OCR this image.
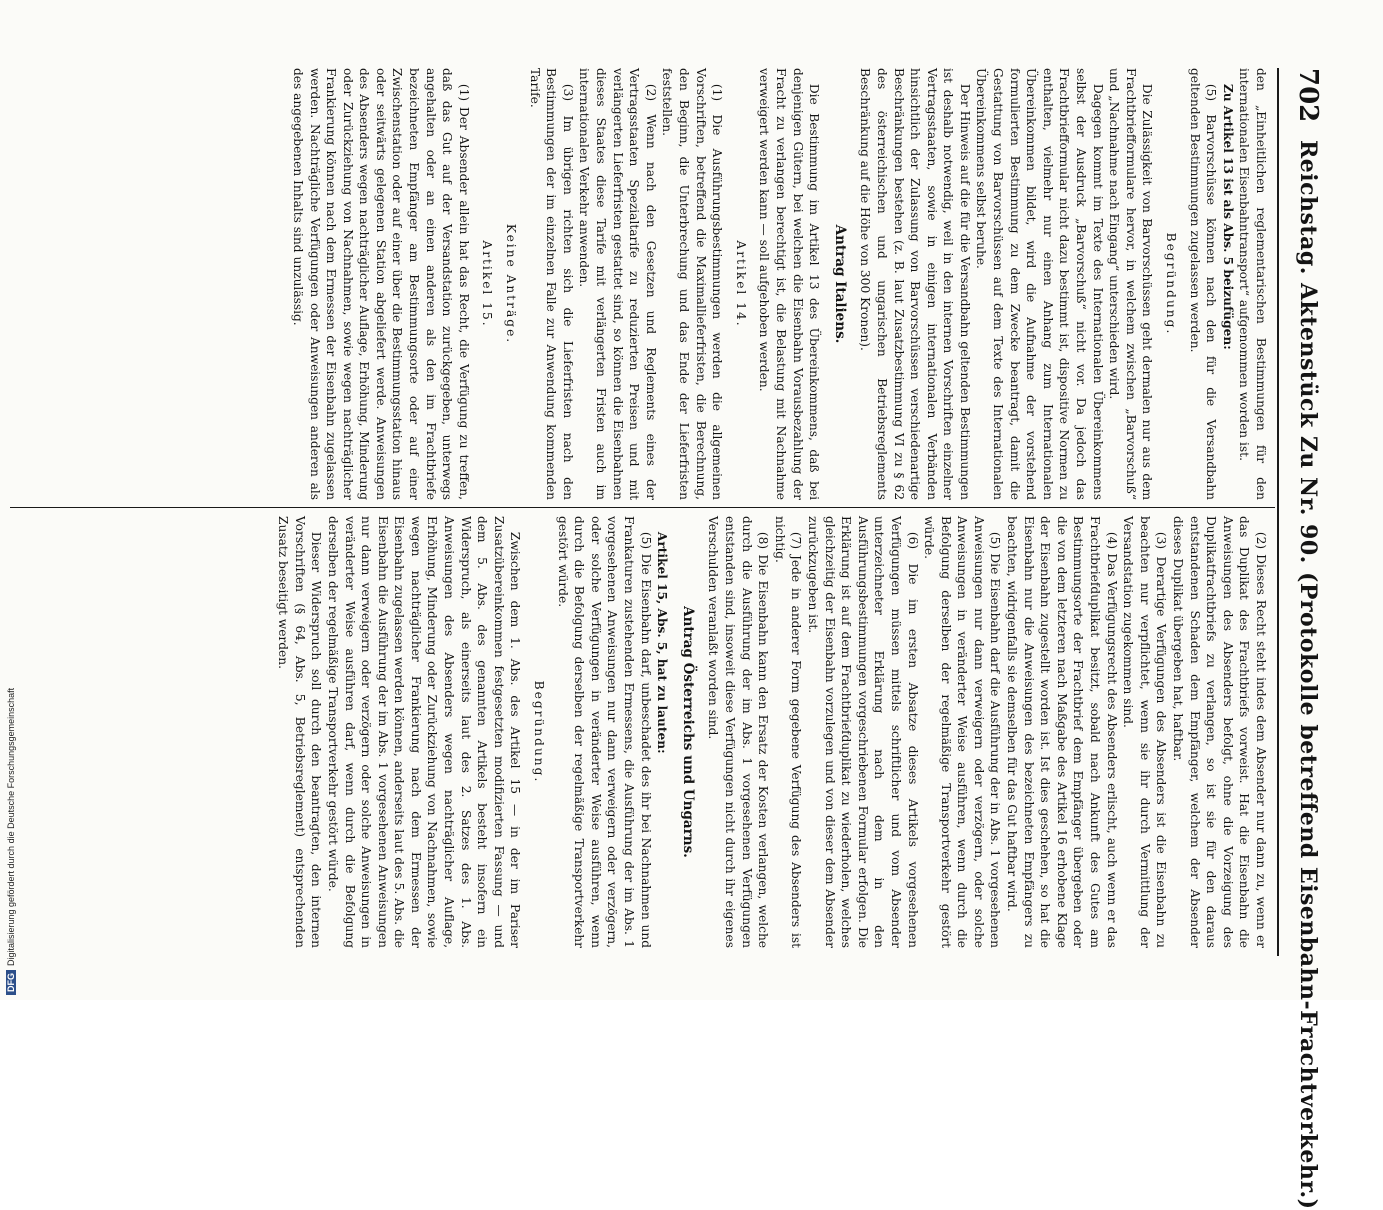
702
Reichstag. Aktenstück Zu Nr. 90. (Protokolle betreffend Eisenbahn-Frachtverkehr.)

den „Einheitlichen reglementarischen Bestimmungen für den internationalen Eisenbahntransport“ aufgenommen worden ist.

Zu Artikel 13 ist als Abs. 5 beizufügen:

(5) Barvorschüsse können nach den für die Versandbahn geltenden Bestimmungen zugelassen werden.

Begründung.

Die Zulässigkeit von Barvorschüssen geht dermalen nur aus dem Frachtbriefformulare hervor, in welchem zwischen „Barvorschuß“ und „Nachnahme nach Eingang“ unterschieden wird.

Dagegen kommt im Texte des Internationalen Übereinkommens selbst der Ausdruck „Barvorschuß“ nicht vor. Da jedoch das Frachtbriefformular nicht dazu bestimmt ist, dispositive Normen zu enthalten, vielmehr nur einen Anhang zum Internationalen Übereinkommen bildet, wird die Aufnahme der vorstehend formulierten Bestimmung zu dem Zwecke beantragt, damit die Gestattung von Barvorschüssen auf dem Texte des Internationalen Übereinkommens selbst beruhe.

Der Hinweis auf die für die Versandbahn geltenden Bestimmungen ist deshalb notwendig, weil in den internen Vorschriften einzelner Vertragsstaaten, sowie in einigen internationalen Verbänden hinsichtlich der Zulassung von Barvorschüssen verschiedenartige Beschränkungen bestehen (z. B. laut Zusatzbestimmung VI zu § 62 des österreichischen und ungarischen Betriebsreglements Beschränkung auf die Höhe von 300 Kronen).

Antrag Italiens.

Die Bestimmung im Artikel 13 des Übereinkommens, daß bei denjenigen Gütern, bei welchen die Eisenbahn Vorausbezahlung der Fracht zu verlangen berechtigt ist, die Belastung mit Nachnahme verweigert werden kann — soll aufgehoben werden.

Artikel 14.

(1) Die Ausführungsbestimmungen werden die allgemeinen Vorschriften, betreffend die Maximallieferfristen, die Berechnung, den Beginn, die Unterbrechung und das Ende der Lieferfristen feststellen.

(2) Wenn nach den Gesetzen und Reglements eines der Vertragsstaaten Spezialtarife zu reduzierten Preisen und mit verlängerten Lieferfristen gestattet sind, so können die Eisenbahnen dieses Staates diese Tarife mit verlängerten Fristen auch im internationalen Verkehr anwenden.

(3) Im übrigen richten sich die Lieferfristen nach den Bestimmungen der im einzelnen Falle zur Anwendung kommenden Tarife.

Keine Anträge.

Artikel 15.

(1) Der Absender allein hat das Recht, die Verfügung zu treffen, daß das Gut auf der Versandstation zurückgegeben, unterwegs angehalten oder an einen anderen als den im Frachtbriefe bezeichneten Empfänger am Bestimmungsorte oder auf einer Zwischenstation oder auf einer über die Bestimmungsstation hinaus oder seitwärts gelegenen Station abgeliefert werde. Anweisungen des Absenders wegen nachträglicher Auflage, Erhöhung, Minderung oder Zurückziehung von Nachnahmen, sowie wegen nachträglicher Frankierung können nach dem Ermessen der Eisenbahn zugelassen werden. Nachträgliche Verfügungen oder Anweisungen anderen als des angegebenen Inhalts sind unzulässig.

(2) Dieses Recht steht indes dem Absender nur dann zu, wenn er das Duplikat des Frachtbriefs vorweist. Hat die Eisenbahn die Anweisungen des Absenders befolgt, ohne die Vorzeigung des Duplikatfrachtbriefs zu verlangen, so ist sie für den daraus entstandenen Schaden dem Empfänger, welchem der Absender dieses Duplikat übergeben hat, haftbar.

(3) Derartige Verfügungen des Absenders ist die Eisenbahn zu beachten nur verpflichtet, wenn sie ihr durch Vermittlung der Versandstation zugekommen sind.

(4) Das Verfügungsrecht des Absenders erlischt, auch wenn er das Frachtbriefduplikat besitzt, sobald nach Ankunft des Gutes am Bestimmungsorte der Frachtbrief dem Empfänger übergeben oder die von dem letzteren nach Maßgabe des Artikel 16 erhobene Klage der Eisenbahn zugestellt worden ist. Ist dies geschehen, so hat die Eisenbahn nur die Anweisungen des bezeichneten Empfängers zu beachten, widrigenfalls sie demselben für das Gut haftbar wird.

(5) Die Eisenbahn darf die Ausführung der in Abs. 1 vorgesehenen Anweisungen nur dann verweigern oder verzögern, oder solche Anweisungen in veränderter Weise ausführen, wenn durch die Befolgung derselben der regelmäßige Transportverkehr gestört würde.

(6) Die im ersten Absatze dieses Artikels vorgesehenen Verfügungen müssen mittels schriftlicher und vom Absender unterzeichneter Erklärung nach dem in den Ausführungsbestimmungen vorgeschriebenen Formular erfolgen. Die Erklärung ist auf dem Frachtbriefduplikat zu wiederholen, welches gleichzeitig der Eisenbahn vorzulegen und von dieser dem Absender zurückzugeben ist.

(7) Jede in anderer Form gegebene Verfügung des Absenders ist nichtig.

(8) Die Eisenbahn kann den Ersatz der Kosten verlangen, welche durch die Ausführung der im Abs. 1 vorgesehenen Verfügungen entstanden sind, insoweit diese Verfügungen nicht durch ihr eigenes Verschulden veranlaßt worden sind.

Antrag Österreichs und Ungarns.

Artikel 15, Abs. 5, hat zu lauten:

(5) Die Eisenbahn darf, unbeschadet des ihr bei Nachnahmen und Frankaturen zustehenden Ermessens, die Ausführung der im Abs. 1 vorgesehenen Anweisungen nur dann verweigern oder verzögern, oder solche Verfügungen in veränderter Weise ausführen, wenn durch die Befolgung derselben der regelmäßige Transportverkehr gestört würde.

Begründung.

Zwischen dem 1. Abs. des Artikel 15 — in der im Pariser Zusatzübereinkommen festgesetzten modifizierten Fassung — und dem 5. Abs. des genannten Artikels besteht insofern ein Widerspruch, als einerseits laut des 2. Satzes des 1. Abs. Anweisungen des Absenders wegen nachträglicher Auflage, Erhöhung, Minderung oder Zurückziehung von Nachnahmen, sowie wegen nachträglicher Frankierung nach dem Ermessen der Eisenbahn zugelassen werden können, anderseits laut des 5. Abs. die Eisenbahn die Ausführung der im Abs. 1 vorgesehenen Anweisungen nur dann verweigern oder verzögern oder solche Anweisungen in veränderter Weise ausführen darf, wenn durch die Befolgung derselben der regelmäßige Transportverkehr gestört würde.

Dieser Widerspruch soll durch den beantragten, den internen Vorschriften (§ 64, Abs. 5, Betriebsreglement) entsprechenden Zusatz beseitigt werden.

DFGDigitalisierung gefördert durch die Deutsche Forschungsgemeinschaft
